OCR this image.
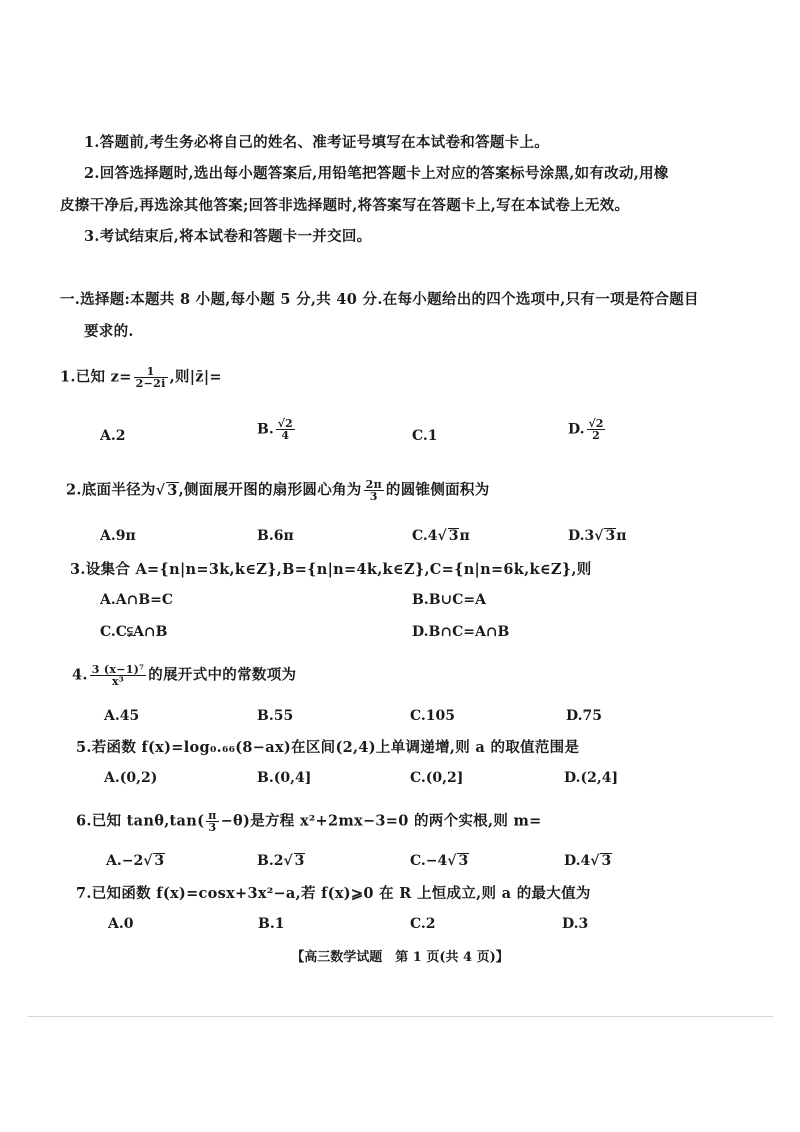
1.答题前,考生务必将自己的姓名、准考证号填写在本试卷和答题卡上。
2.回答选择题时,选出每小题答案后,用铅笔把答题卡上对应的答案标号涂黑,如有改动,用橡
皮擦干净后,再选涂其他答案;回答非选择题时,将答案写在答题卡上,写在本试卷上无效。
3.考试结束后,将本试卷和答题卡一并交回。
一.选择题:本题共 8 小题,每小题 5 分,共 40 分.在每小题给出的四个选项中,只有一项是符合题目
要求的.
1.已知 $z= \frac{1}{2-2i}$ ,则|z̄|=
A.2	B. $\frac{√2}{4}$	C.1	D. $\frac{√2}{2}$
2.底面半径为√ 3,侧面展开图的扇形圆心角为 $\frac{2\pi}{3}$ 的圆锥侧面积为
A.9π	B.6π	C.4√ 3π	D.3√ 3π
3.设集合 A={n|n=3k,k∈Z},B={n|n=4k,k∈Z},C={n|n=6k,k∈Z},则
A.A∩B=C	B.B∪C=A
C.C⫋A∩B	D.B∩C=A∩B
4. $\frac{\text{3 (x−1)⁷}}{\text{x³}}$ 的展开式中的常数项为
A.45	B.55	C.105	D.75
5.若函数 f(x)=log₀.₆₆(8−ax)在区间(2,4)上单调递增,则 a 的取值范围是
A.(0,2)	B.(0,4]	C.(0,2]	D.(2,4]
6.已知 $\tan\theta,\tan( \frac{\pi}{3} -\theta)$是方程 x²+2mx−3=0 的两个实根,则 m=
A.−2√ 3	B.2√ 3	C.−4√ 3	D.4√ 3
7.已知函数 f(x)=cosx+3x²−a,若 f(x)⩾0 在 R 上恒成立,则 a 的最大值为
A.0	B.1	C.2	D.3
【高三数学试题　第 1 页(共 4 页)】
